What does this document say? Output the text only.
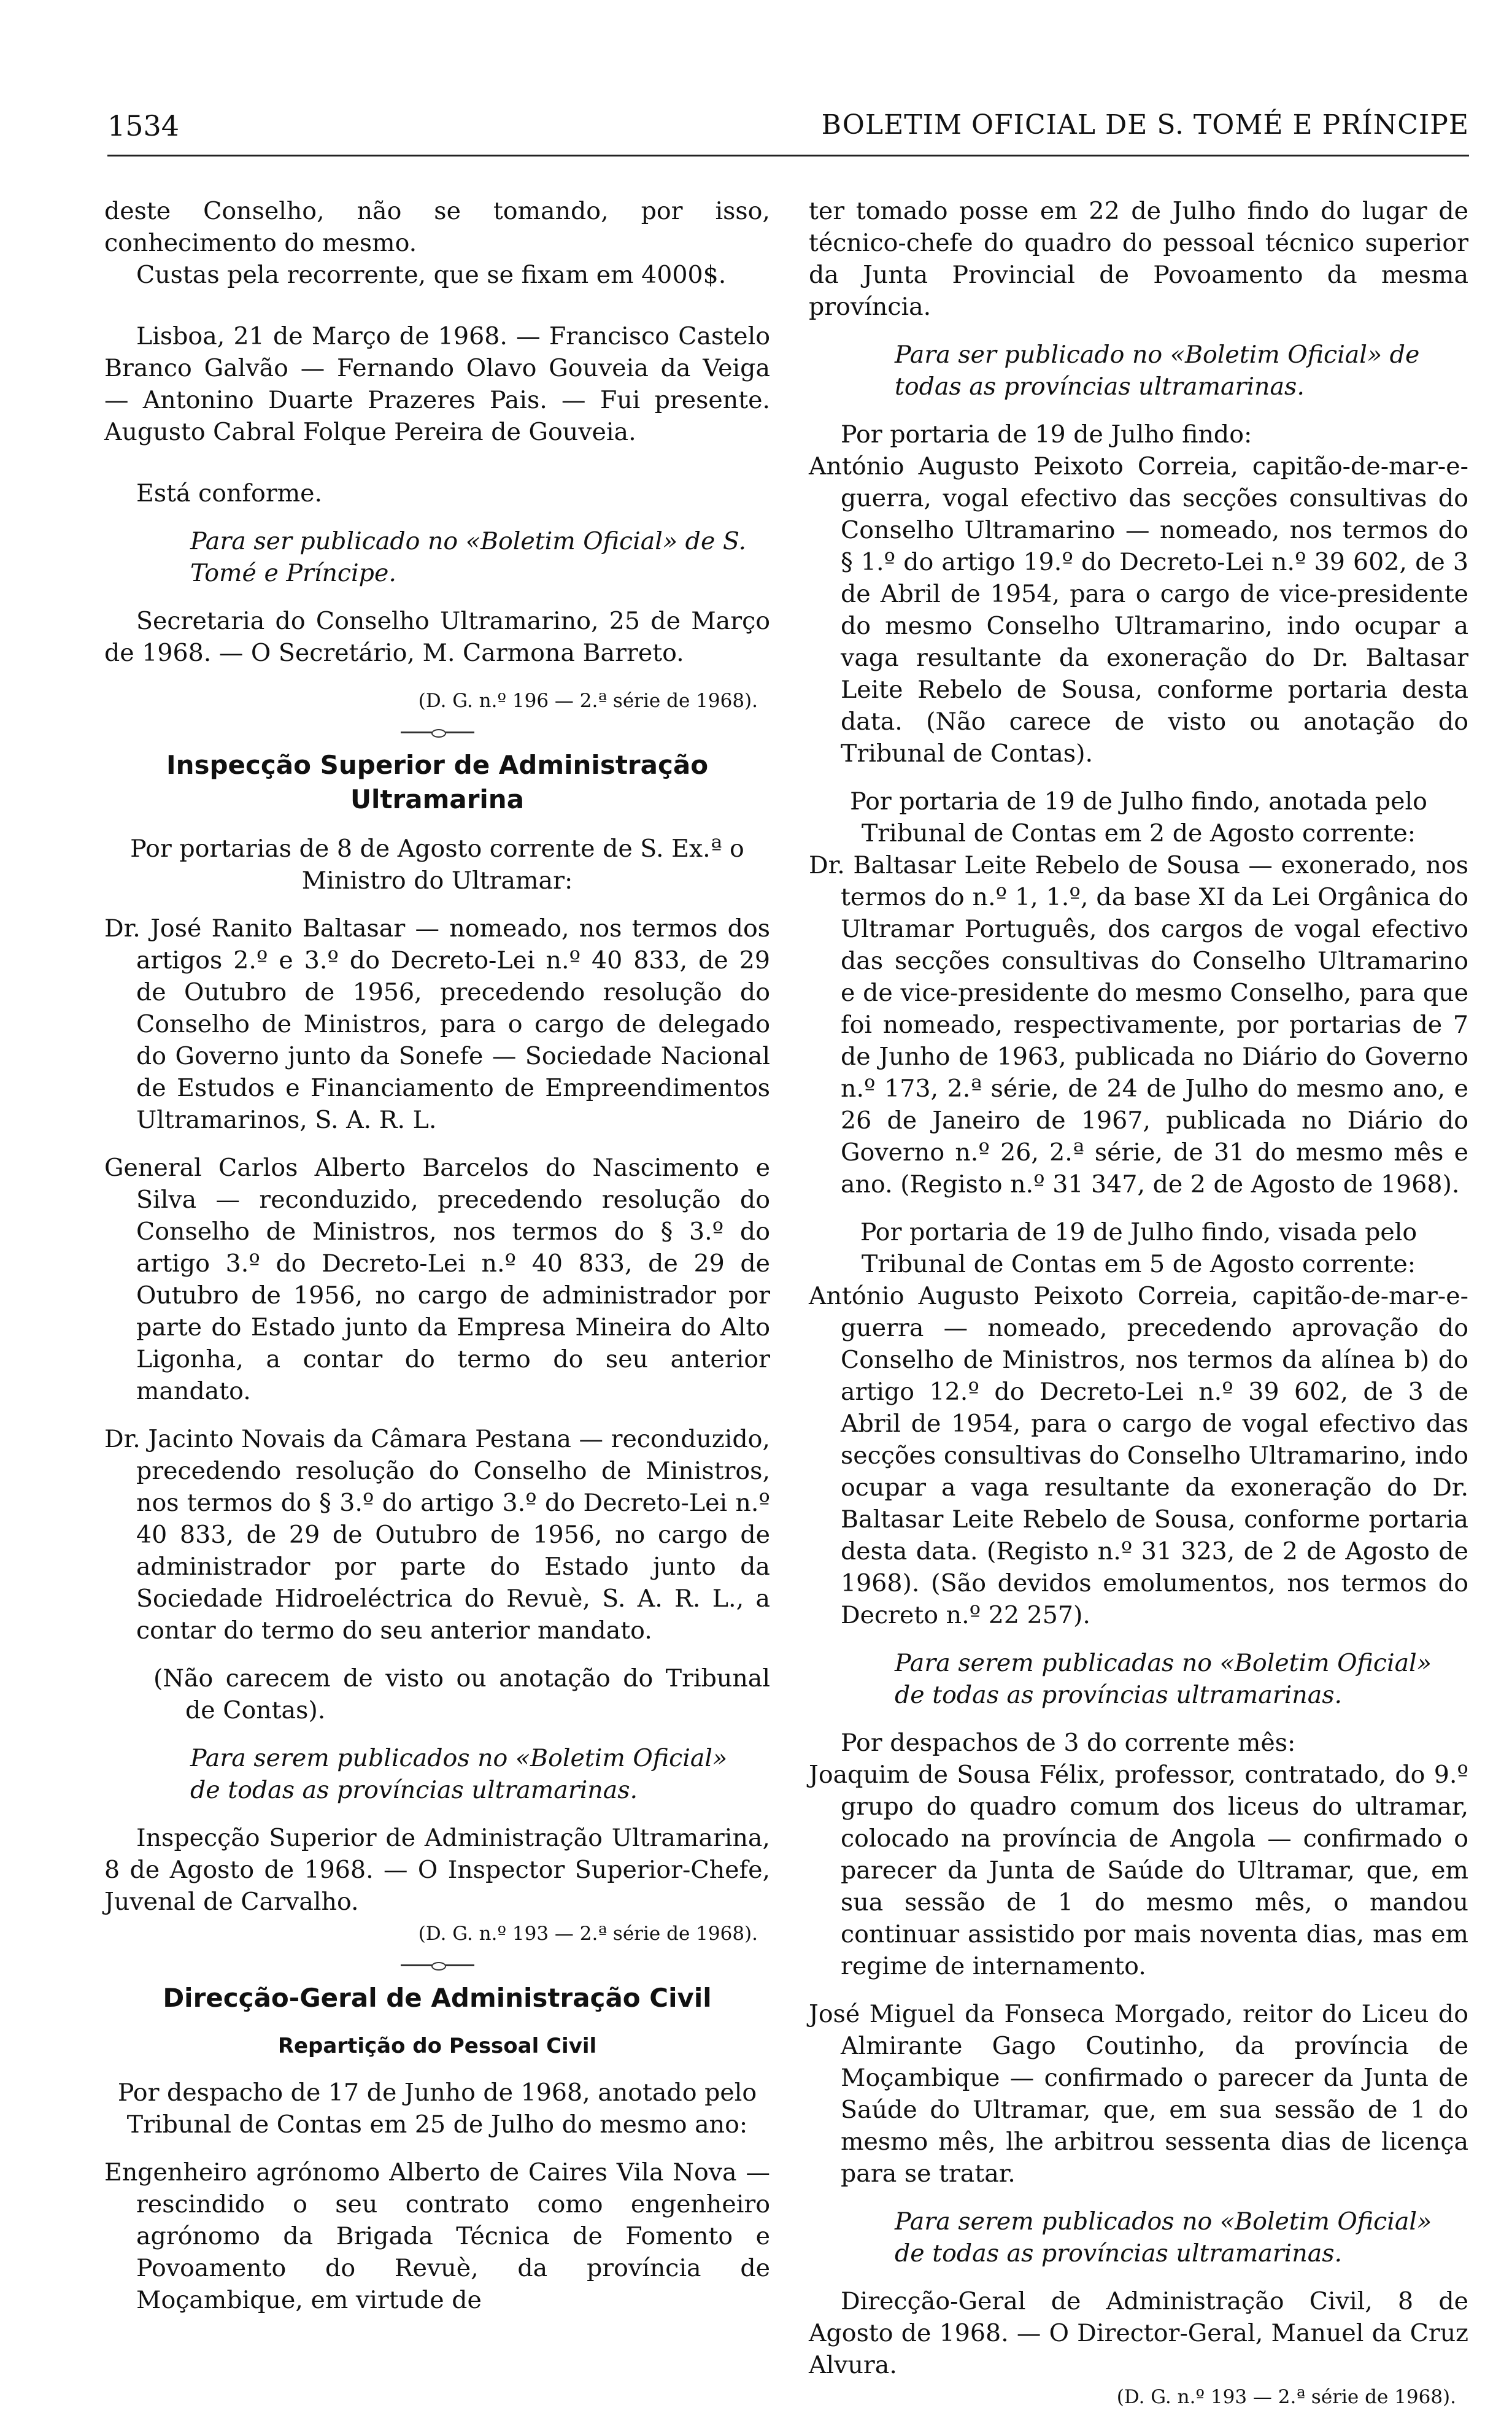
1534	BOLETIM OFICIAL DE S. TOMÉ E PRÍNCIPE

deste Conselho, não se tomando, por isso, conhecimento do mesmo.

Custas pela recorrente, que se fixam em 4000$.

Lisboa, 21 de Março de 1968. — Francisco Castelo Branco Galvão — Fernando Olavo Gouveia da Veiga — Antonino Duarte Prazeres Pais. — Fui presente. Augusto Cabral Folque Pereira de Gouveia.

Está conforme.

Para ser publicado no «Boletim Oficial» de S. Tomé e Príncipe.

Secretaria do Conselho Ultramarino, 25 de Março de 1968. — O Secretário, M. Carmona Barreto.

(D. G. n.º 196 — 2.ª série de 1968).

Inspecção Superior de Administração Ultramarina

Por portarias de 8 de Agosto corrente de S. Ex.ª o Ministro do Ultramar:

Dr. José Ranito Baltasar — nomeado, nos termos dos artigos 2.º e 3.º do Decreto-Lei n.º 40 833, de 29 de Outubro de 1956, precedendo resolução do Conselho de Ministros, para o cargo de delegado do Governo junto da Sonefe — Sociedade Nacional de Estudos e Financiamento de Empreendimentos Ultramarinos, S. A. R. L.

General Carlos Alberto Barcelos do Nascimento e Silva — reconduzido, precedendo resolução do Conselho de Ministros, nos termos do § 3.º do artigo 3.º do Decreto-Lei n.º 40 833, de 29 de Outubro de 1956, no cargo de administrador por parte do Estado junto da Empresa Mineira do Alto Ligonha, a contar do termo do seu anterior mandato.

Dr. Jacinto Novais da Câmara Pestana — reconduzido, precedendo resolução do Conselho de Ministros, nos termos do § 3.º do artigo 3.º do Decreto-Lei n.º 40 833, de 29 de Outubro de 1956, no cargo de administrador por parte do Estado junto da Sociedade Hidroeléctrica do Revuè, S. A. R. L., a contar do termo do seu anterior mandato.

(Não carecem de visto ou anotação do Tribunal de Contas).

Para serem publicados no «Boletim Oficial» de todas as províncias ultramarinas.

Inspecção Superior de Administração Ultramarina, 8 de Agosto de 1968. — O Inspector Superior-Chefe, Juvenal de Carvalho.

(D. G. n.º 193 — 2.ª série de 1968).

Direcção-Geral de Administração Civil

Repartição do Pessoal Civil

Por despacho de 17 de Junho de 1968, anotado pelo Tribunal de Contas em 25 de Julho do mesmo ano:

Engenheiro agrónomo Alberto de Caires Vila Nova — rescindido o seu contrato como engenheiro agrónomo da Brigada Técnica de Fomento e Povoamento do Revuè, da província de Moçambique, em virtude de

ter tomado posse em 22 de Julho findo do lugar de técnico-chefe do quadro do pessoal técnico superior da Junta Provincial de Povoamento da mesma província.

Para ser publicado no «Boletim Oficial» de todas as províncias ultramarinas.

Por portaria de 19 de Julho findo:

António Augusto Peixoto Correia, capitão-de-mar-e-guerra, vogal efectivo das secções consultivas do Conselho Ultramarino — nomeado, nos termos do § 1.º do artigo 19.º do Decreto-Lei n.º 39 602, de 3 de Abril de 1954, para o cargo de vice-presidente do mesmo Conselho Ultramarino, indo ocupar a vaga resultante da exoneração do Dr. Baltasar Leite Rebelo de Sousa, conforme portaria desta data. (Não carece de visto ou anotação do Tribunal de Contas).

Por portaria de 19 de Julho findo, anotada pelo Tribunal de Contas em 2 de Agosto corrente:

Dr. Baltasar Leite Rebelo de Sousa — exonerado, nos termos do n.º 1, 1.º, da base XI da Lei Orgânica do Ultramar Português, dos cargos de vogal efectivo das secções consultivas do Conselho Ultramarino e de vice-presidente do mesmo Conselho, para que foi nomeado, respectivamente, por portarias de 7 de Junho de 1963, publicada no Diário do Governo n.º 173, 2.ª série, de 24 de Julho do mesmo ano, e 26 de Janeiro de 1967, publicada no Diário do Governo n.º 26, 2.ª série, de 31 do mesmo mês e ano. (Registo n.º 31 347, de 2 de Agosto de 1968).

Por portaria de 19 de Julho findo, visada pelo Tribunal de Contas em 5 de Agosto corrente:

António Augusto Peixoto Correia, capitão-de-mar-e-guerra — nomeado, precedendo aprovação do Conselho de Ministros, nos termos da alínea b) do artigo 12.º do Decreto-Lei n.º 39 602, de 3 de Abril de 1954, para o cargo de vogal efectivo das secções consultivas do Conselho Ultramarino, indo ocupar a vaga resultante da exoneração do Dr. Baltasar Leite Rebelo de Sousa, conforme portaria desta data. (Registo n.º 31 323, de 2 de Agosto de 1968). (São devidos emolumentos, nos termos do Decreto n.º 22 257).

Para serem publicadas no «Boletim Oficial» de todas as províncias ultramarinas.

Por despachos de 3 do corrente mês:

Joaquim de Sousa Félix, professor, contratado, do 9.º grupo do quadro comum dos liceus do ultramar, colocado na província de Angola — confirmado o parecer da Junta de Saúde do Ultramar, que, em sua sessão de 1 do mesmo mês, o mandou continuar assistido por mais noventa dias, mas em regime de internamento.

José Miguel da Fonseca Morgado, reitor do Liceu do Almirante Gago Coutinho, da província de Moçambique — confirmado o parecer da Junta de Saúde do Ultramar, que, em sua sessão de 1 do mesmo mês, lhe arbitrou sessenta dias de licença para se tratar.

Para serem publicados no «Boletim Oficial» de todas as províncias ultramarinas.

Direcção-Geral de Administração Civil, 8 de Agosto de 1968. — O Director-Geral, Manuel da Cruz Alvura.

(D. G. n.º 193 — 2.ª série de 1968).
